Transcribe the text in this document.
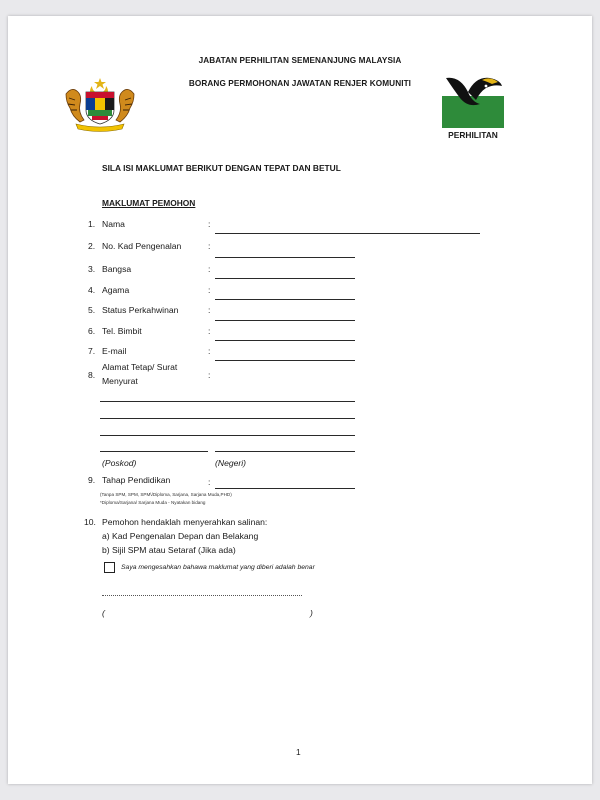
JABATAN PERHILITAN SEMENANJUNG MALAYSIA
BORANG PERMOHONAN JAWATAN RENJER KOMUNITI
PERHILITAN
SILA ISI MAKLUMAT BERIKUT DENGAN TEPAT DAN BETUL
MAKLUMAT PEMOHON
1. Nama	:
2. No. Kad Pengenalan	:
3. Bangsa	:
4. Agama	:
5. Status Perkahwinan	:
6. Tel. Bimbit	:
7. E-mail	:
8.
Alamat Tetap/ Surat
Menyurat
:
(Poskod)	(Negeri)
9. Tahap Pendidikan	:
(Tanpa SPM, SPM, SPM\/Diploma, Sarjana, Sarjana Muda,PHD)
*Diploma/Sarjana/ Sarjana Muda - Nyatakan bidang
10. Pemohon hendaklah menyerahkan salinan:
a) Kad Pengenalan Depan dan Belakang
b) Sijil SPM atau Setaraf (Jika ada)
Saya mengesahkan bahawa maklumat yang diberi adalah benar
(	)
1
